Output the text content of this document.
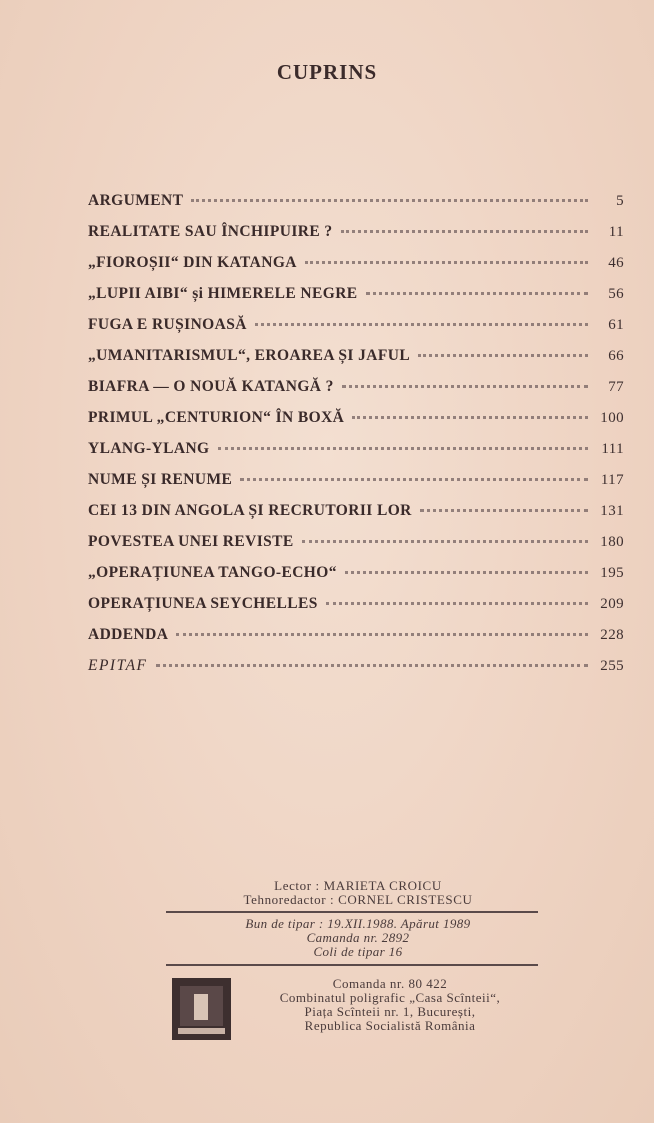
CUPRINS
ARGUMENT	5
REALITATE SAU ÎNCHIPUIRE ?	11
„FIOROȘII“ DIN KATANGA	46
„LUPII AIBI“ și HIMERELE NEGRE	56
FUGA E RUȘINOASĂ	61
„UMANITARISMUL“, EROAREA ȘI JAFUL	66
BIAFRA — O NOUĂ KATANGĂ ?	77
PRIMUL „CENTURION“ ÎN BOXĂ	100
YLANG-YLANG	111
NUME ȘI RENUME	117
CEI 13 DIN ANGOLA ȘI RECRUTORII LOR	131
POVESTEA UNEI REVISTE	180
„OPERAȚIUNEA TANGO-ECHO“	195
OPERAȚIUNEA SEYCHELLES	209
ADDENDA	228
EPITAF	255
Lector : MARIETA CROICU
Tehnoredactor : CORNEL CRISTESCU
Bun de tipar : 19.XII.1988. Apărut 1989
Camanda nr. 2892
Coli de tipar 16
Comanda nr. 80 422
Combinatul poligrafic „Casa Scînteii“,
Piața Scînteii nr. 1, București,
Republica Socialistă România
